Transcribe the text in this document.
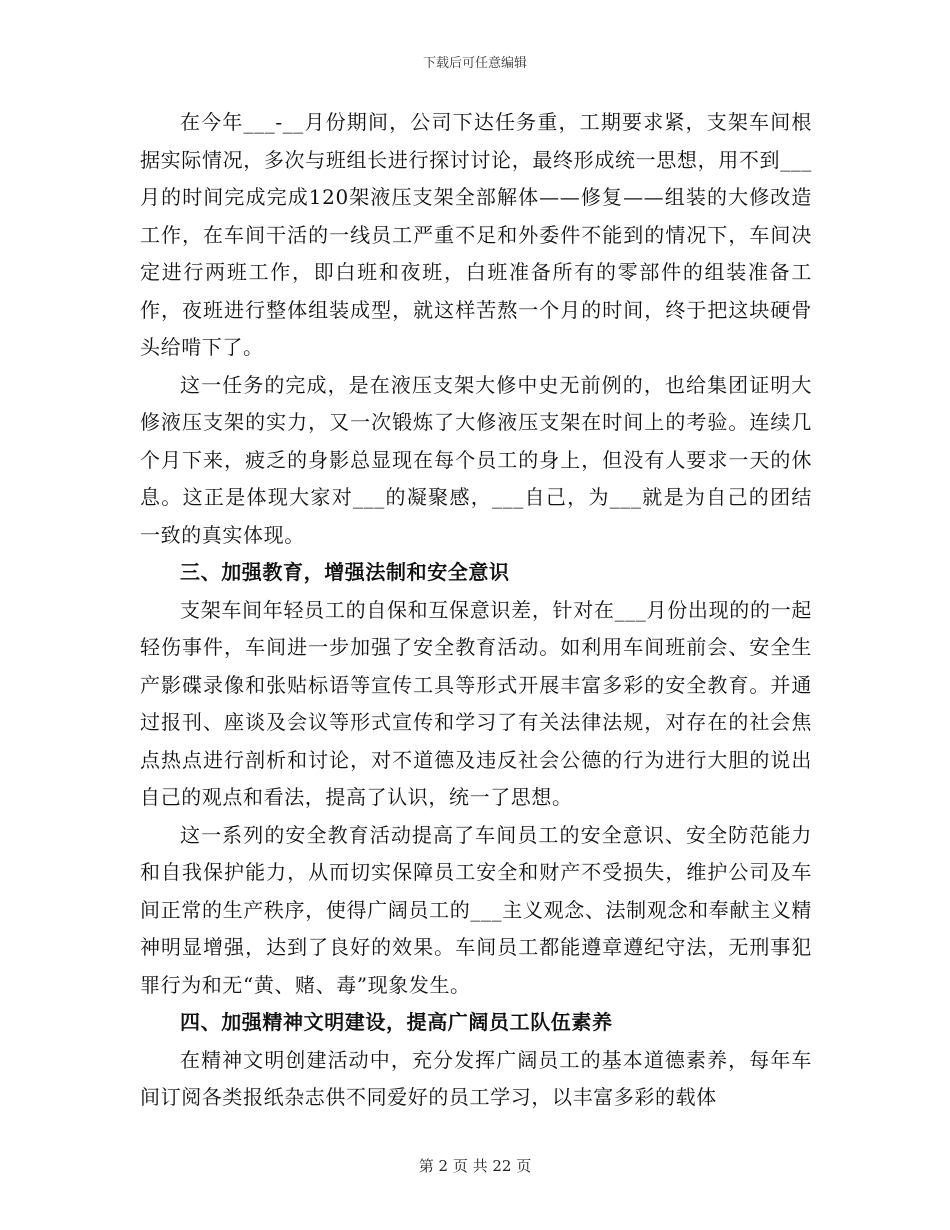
下载后可任意编辑

在今年___-__月份期间，公司下达任务重，工期要求紧，支架车间根据实际情况，多次与班组长进行探讨讨论，最终形成统一思想，用不到___月的时间完成完成120架液压支架全部解体——修复——组装的大修改造工作，在车间干活的一线员工严重不足和外委件不能到的情况下，车间决定进行两班工作，即白班和夜班，白班准备所有的零部件的组装准备工作，夜班进行整体组装成型，就这样苦熬一个月的时间，终于把这块硬骨头给啃下了。

这一任务的完成，是在液压支架大修中史无前例的，也给集团证明大修液压支架的实力，又一次锻炼了大修液压支架在时间上的考验。连续几个月下来，疲乏的身影总显现在每个员工的身上，但没有人要求一天的休息。这正是体现大家对___的凝聚感，___自己，为___就是为自己的团结一致的真实体现。

三、加强教育，增强法制和安全意识

支架车间年轻员工的自保和互保意识差，针对在___月份出现的的一起轻伤事件，车间进一步加强了安全教育活动。如利用车间班前会、安全生产影碟录像和张贴标语等宣传工具等形式开展丰富多彩的安全教育。并通过报刊、座谈及会议等形式宣传和学习了有关法律法规，对存在的社会焦点热点进行剖析和讨论，对不道德及违反社会公德的行为进行大胆的说出自己的观点和看法，提高了认识，统一了思想。

这一系列的安全教育活动提高了车间员工的安全意识、安全防范能力和自我保护能力，从而切实保障员工安全和财产不受损失，维护公司及车间正常的生产秩序，使得广阔员工的___主义观念、法制观念和奉献主义精神明显增强，达到了良好的效果。车间员工都能遵章遵纪守法，无刑事犯罪行为和无“黄、赌、毒”现象发生。

四、加强精神文明建设，提高广阔员工队伍素养

在精神文明创建活动中，充分发挥广阔员工的基本道德素养，每年车间订阅各类报纸杂志供不同爱好的员工学习，以丰富多彩的载体

第 2 页 共 22 页
